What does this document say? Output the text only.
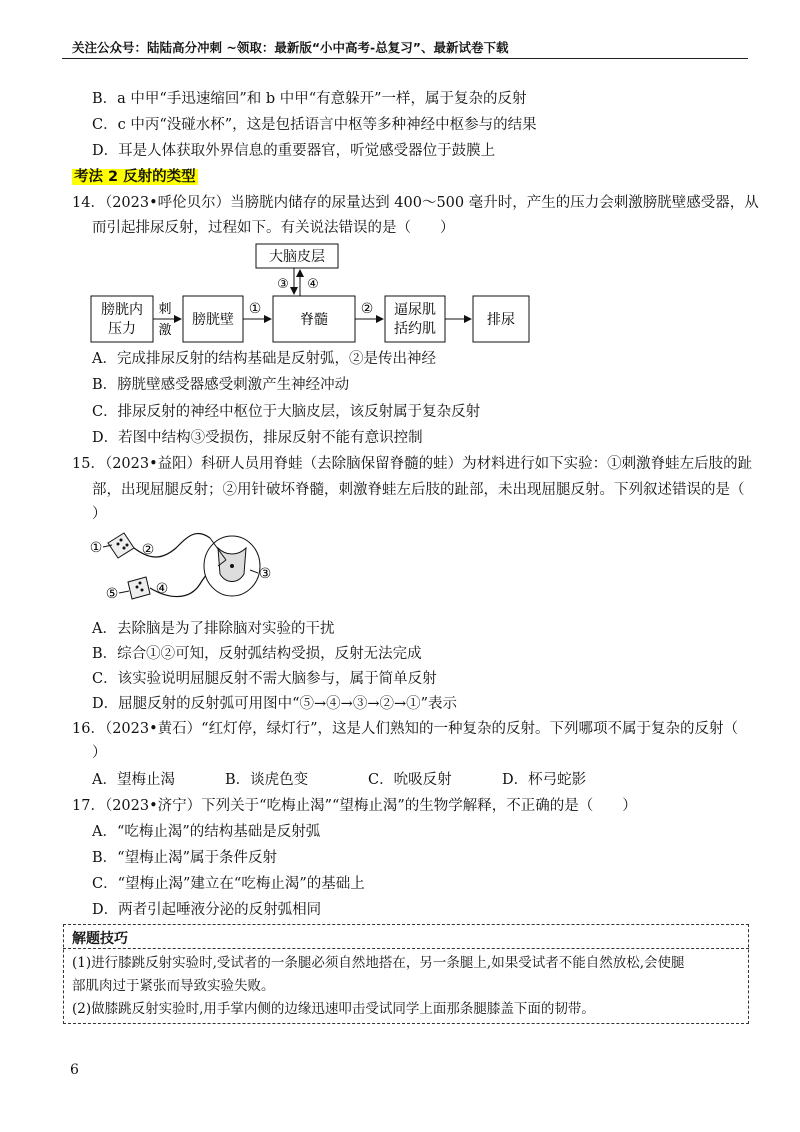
关注公众号：陆陆高分冲刺 ~领取：最新版“小中高考-总复习”、最新试卷下载
B．a 中甲“手迅速缩回”和 b 中甲“有意躲开”一样，属于复杂的反射
C．c 中丙“没碰水杯”，这是包括语言中枢等多种神经中枢参与的结果
D．耳是人体获取外界信息的重要器官，听觉感受器位于鼓膜上
考法 2 反射的类型
14．（2023•呼伦贝尔）当膀胱内储存的尿量达到 400～500 毫升时，产生的压力会刺激膀胱壁感受器，从
而引起排尿反射，过程如下。有关说法错误的是（　　）
膀胱内
压力
刺
激
膀胱壁
①
脊髓
② 逼尿肌
括约肌
排尿
大脑皮层
③ ④
A．完成排尿反射的结构基础是反射弧，②是传出神经
B．膀胱壁感受器感受刺激产生神经冲动
C．排尿反射的神经中枢位于大脑皮层，该反射属于复杂反射
D．若图中结构③受损伤，排尿反射不能有意识控制
15．（2023•益阳）科研人员用脊蛙（去除脑保留脊髓的蛙）为材料进行如下实验：①刺激脊蛙左后肢的趾
部，出现屈腿反射；②用针破坏脊髓，刺激脊蛙左后肢的趾部，未出现屈腿反射。下列叙述错误的是（
）
①	②
③
④
⑤
A．去除脑是为了排除脑对实验的干扰
B．综合①②可知，反射弧结构受损，反射无法完成
C．该实验说明屈腿反射不需大脑参与，属于简单反射
D．屈腿反射的反射弧可用图中“⑤→④→③→②→①”表示
16．（2023•黄石）“红灯停，绿灯行”，这是人们熟知的一种复杂的反射。下列哪项不属于复杂的反射（
）
A．望梅止渴	B．谈虎色变	C．吮吸反射	D．杯弓蛇影
17．（2023•济宁）下列关于“吃梅止渴”“望梅止渴”的生物学解释，不正确的是（　　）
A．“吃梅止渴”的结构基础是反射弧
B．“望梅止渴”属于条件反射
C．“望梅止渴”建立在“吃梅止渴”的基础上
D．两者引起唾液分泌的反射弧相同
解题技巧
(1)进行膝跳反射实验时,受试者的一条腿必须自然地搭在，另一条腿上,如果受试者不能自然放松,会使腿
部肌肉过于紧张而导致实验失败。
(2)做膝跳反射实验时,用手掌内侧的边缘迅速叩击受试同学上面那条腿膝盖下面的韧带。
6
